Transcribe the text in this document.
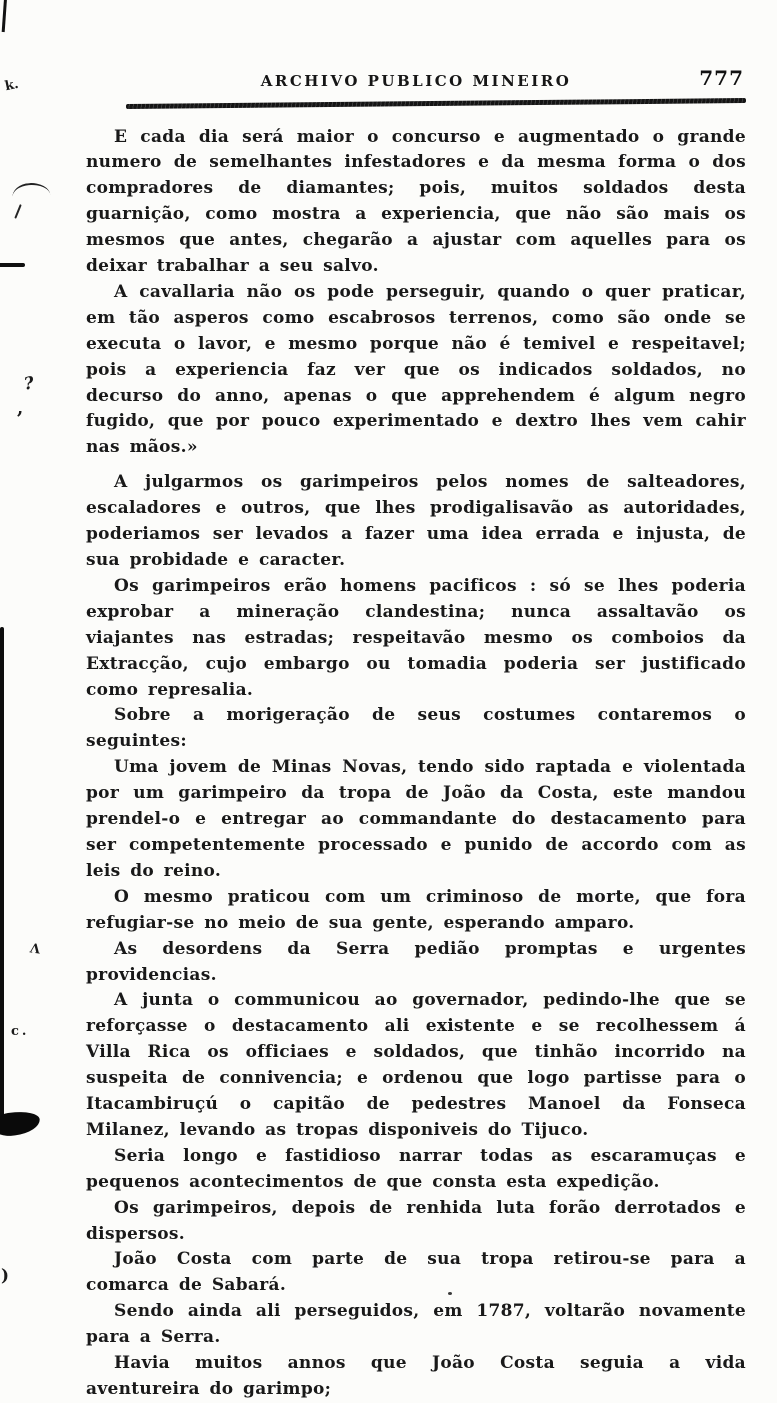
k.
?
,
Λ
c.
)
ARCHIVO PUBLICO MINEIRO	777

E cada dia será maior o concurso e augmentado o grande numero de semelhantes infestadores e da mesma forma o dos compradores de diamantes; pois, muitos soldados desta guarnição, como mostra a experiencia, que não são mais os mesmos que antes, chegarão a ajustar com aquelles para os deixar trabalhar a seu salvo.

A cavallaria não os pode perseguir, quando o quer praticar, em tão asperos como escabrosos terrenos, como são onde se executa o lavor, e mesmo porque não é temivel e respeitavel; pois a experiencia faz ver que os indicados soldados, no decurso do anno, apenas o que apprehendem é algum negro fugido, que por pouco experimentado e dextro lhes vem cahir nas mãos.»

A julgarmos os garimpeiros pelos nomes de salteadores, escaladores e outros, que lhes prodigalisavão as autoridades, poderiamos ser levados a fazer uma idea errada e injusta, de sua probidade e caracter.

Os garimpeiros erão homens pacificos : só se lhes poderia exprobar a mineração clandestina; nunca assaltavão os viajantes nas estradas; respeitavão mesmo os comboios da Extracção, cujo embargo ou tomadia poderia ser justificado como represalia.

Sobre a morigeração de seus costumes contaremos o seguintes:

Uma jovem de Minas Novas, tendo sido raptada e violentada por um garimpeiro da tropa de João da Costa, este mandou prendel-o e entregar ao commandante do destacamento para ser competentemente processado e punido de accordo com as leis do reino.

O mesmo praticou com um criminoso de morte, que fora refugiar-se no meio de sua gente, esperando amparo.

As desordens da Serra pedião promptas e urgentes providencias.

A junta o communicou ao governador, pedindo-lhe que se reforçasse o destacamento ali existente e se recolhessem á Villa Rica os officiaes e soldados, que tinhão incorrido na suspeita de connivencia; e ordenou que logo partisse para o Itacambiruçú o capitão de pedestres Manoel da Fonseca Milanez, levando as tropas disponiveis do Tijuco.

Seria longo e fastidioso narrar todas as escaramuças e pequenos acontecimentos de que consta esta expedição.

Os garimpeiros, depois de renhida luta forão derrotados e dispersos.

João Costa com parte de sua tropa retirou-se para a comarca de Sabará.

Sendo ainda ali perseguidos, em 1787, voltarão novamente para a Serra.

Havia muitos annos que João Costa seguia a vida aventureira do garimpo;
